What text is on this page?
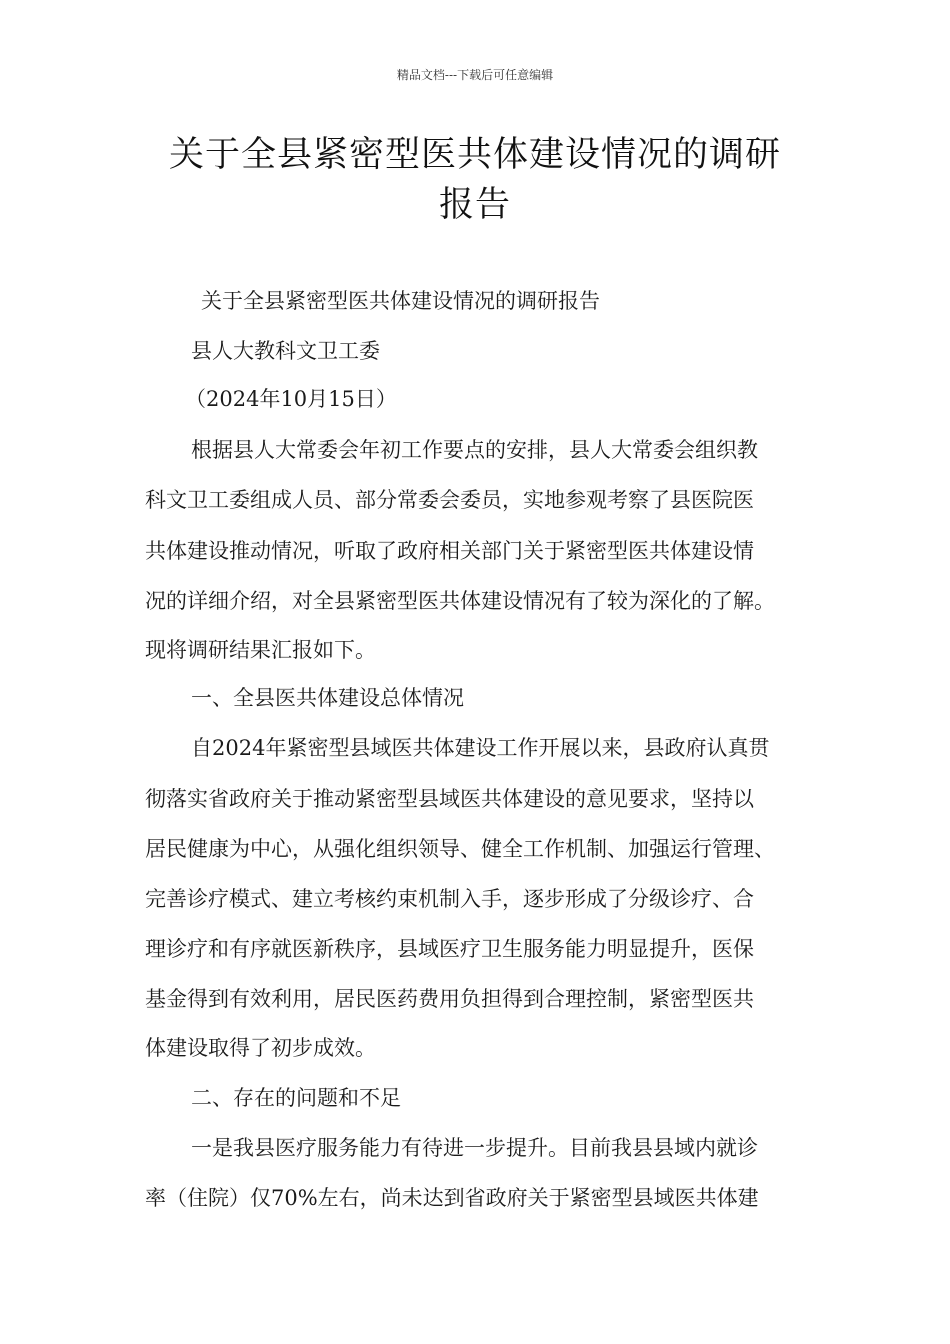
精品文档---下载后可任意编辑
关于全县紧密型医共体建设情况的调研
报告
关于全县紧密型医共体建设情况的调研报告
县人大教科文卫工委
（2024年10月15日）
根据县人大常委会年初工作要点的安排，县人大常委会组织教
科文卫工委组成人员、部分常委会委员，实地参观考察了县医院医
共体建设推动情况，听取了政府相关部门关于紧密型医共体建设情
况的详细介绍，对全县紧密型医共体建设情况有了较为深化的了解。
现将调研结果汇报如下。
一、全县医共体建设总体情况
自2024年紧密型县域医共体建设工作开展以来，县政府认真贯
彻落实省政府关于推动紧密型县域医共体建设的意见要求，坚持以
居民健康为中心，从强化组织领导、健全工作机制、加强运行管理、
完善诊疗模式、建立考核约束机制入手，逐步形成了分级诊疗、合
理诊疗和有序就医新秩序，县域医疗卫生服务能力明显提升，医保
基金得到有效利用，居民医药费用负担得到合理控制，紧密型医共
体建设取得了初步成效。
二、存在的问题和不足
一是我县医疗服务能力有待进一步提升。目前我县县域内就诊
率（住院）仅70%左右，尚未达到省政府关于紧密型县域医共体建
